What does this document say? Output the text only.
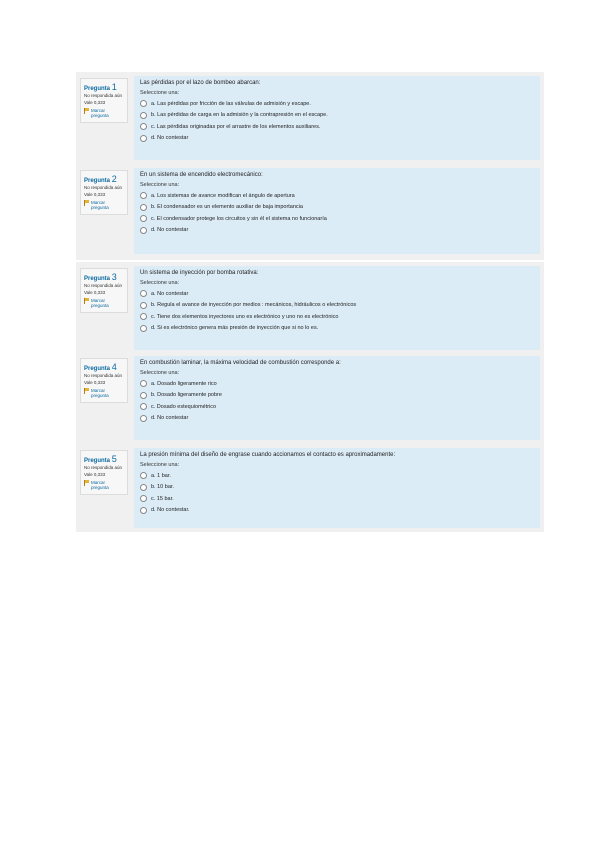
Pregunta 1
No respondida aún
Vale 0,333
Marcar pregunta
Las pérdidas por el lazo de bombeo abarcan:
Seleccione una:
a. Las pérdidas por fricción de las válvulas de admisión y escape.
b. Las pérdidas de carga en la admisión y la contrapresión en el escape.
c. Las pérdidas originadas por el arrastre de los elementos auxiliares.
d. No contestar
Pregunta 2
No respondida aún
Vale 0,333
Marcar pregunta
En un sistema de encendido electromecánico:
Seleccione una:
a. Los sistemas de avance modifican el ángulo de apertura
b. El condensador es un elemento auxiliar de baja importancia
c. El condensador protege los circuitos y sin él el sistema no funcionaría
d. No contestar
Pregunta 3
No respondida aún
Vale 0,333
Marcar pregunta
Un sistema de inyección por bomba rotativa:
Seleccione una:
a. No contestar
b. Regula el avance de inyección por medios : mecánicos, hidráulicos o electrónicos
c. Tiene dos elementos inyectores uno es electrónico y uno no es electrónico
d. Si es electrónico genera más presión de inyección que si no lo es.
Pregunta 4
No respondida aún
Vale 0,333
Marcar pregunta
En combustión laminar, la máxima velocidad de combustión corresponde a:
Seleccione una:
a. Dosado ligeramente rico
b. Dosado ligeramente pobre
c. Dosado estequiométrico
d. No contestar
Pregunta 5
No respondida aún
Vale 0,333
Marcar pregunta
La presión mínima del diseño de engrase cuando accionamos el contacto es aproximadamente:
Seleccione una:
a. 1 bar.
b. 10 bar.
c. 15 bar.
d. No contestar.
